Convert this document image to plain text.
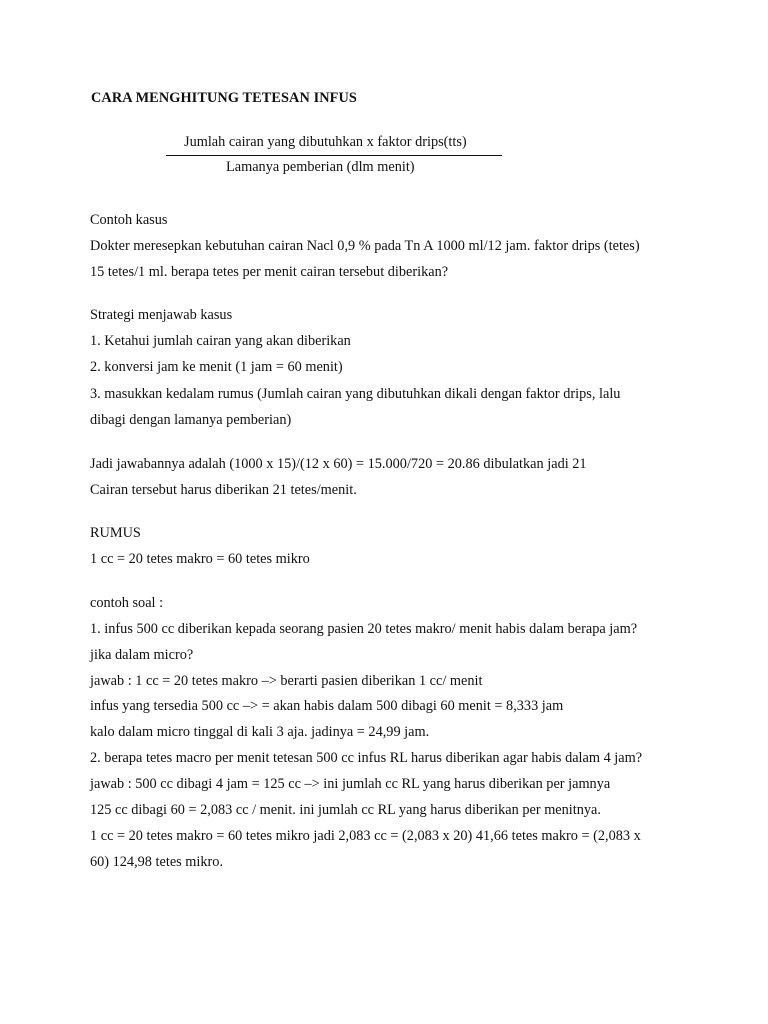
CARA MENGHITUNG TETESAN INFUS
Jumlah cairan yang dibutuhkan x faktor drips(tts)
Lamanya pemberian (dlm menit)
Contoh kasus
Dokter meresepkan kebutuhan cairan Nacl 0,9 % pada Tn A 1000 ml/12 jam. faktor drips (tetes)
15 tetes/1 ml. berapa tetes per menit cairan tersebut diberikan?
Strategi menjawab kasus
1. Ketahui jumlah cairan yang akan diberikan
2. konversi jam ke menit (1 jam = 60 menit)
3. masukkan kedalam rumus (Jumlah cairan yang dibutuhkan dikali dengan faktor drips, lalu
dibagi dengan lamanya pemberian)
Jadi jawabannya adalah (1000 x 15)/(12 x 60) = 15.000/720 = 20.86 dibulatkan jadi 21
Cairan tersebut harus diberikan 21 tetes/menit.
RUMUS
1 cc = 20 tetes makro = 60 tetes mikro
contoh soal :
1. infus 500 cc diberikan kepada seorang pasien 20 tetes makro/ menit habis dalam berapa jam?
jika dalam micro?
jawab : 1 cc = 20 tetes makro –> berarti pasien diberikan 1 cc/ menit
infus yang tersedia 500 cc –> = akan habis dalam 500 dibagi 60 menit = 8,333 jam
kalo dalam micro tinggal di kali 3 aja. jadinya = 24,99 jam.
2. berapa tetes macro per menit tetesan 500 cc infus RL harus diberikan agar habis dalam 4 jam?
jawab : 500 cc dibagi 4 jam = 125 cc –> ini jumlah cc RL yang harus diberikan per jamnya
125 cc dibagi 60 = 2,083 cc / menit. ini jumlah cc RL yang harus diberikan per menitnya.
1 cc = 20 tetes makro = 60 tetes mikro jadi 2,083 cc = (2,083 x 20) 41,66 tetes makro = (2,083 x
60) 124,98 tetes mikro.
